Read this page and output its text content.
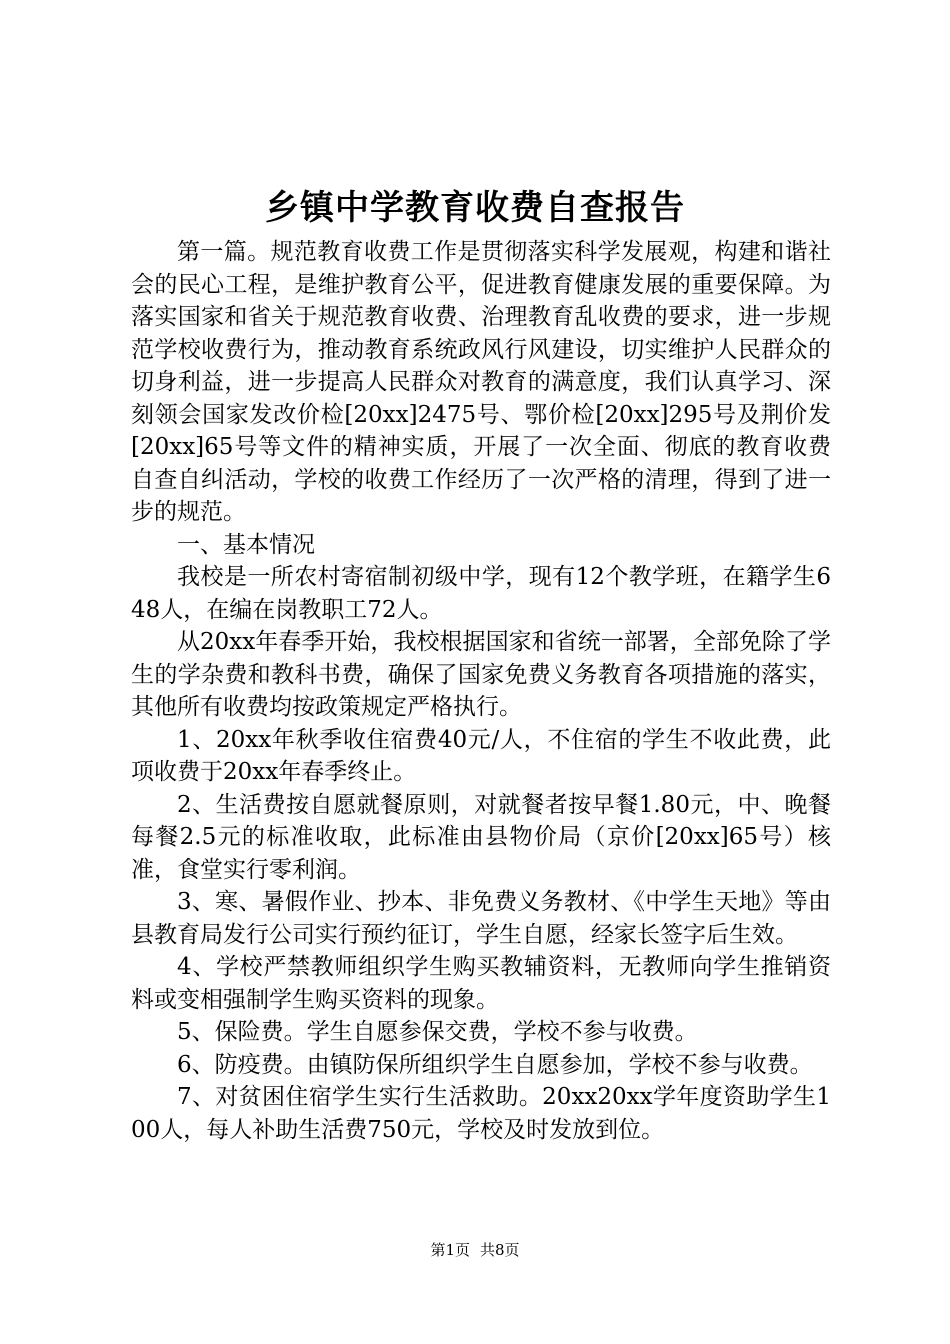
乡镇中学教育收费自查报告

第一篇。规范教育收费工作是贯彻落实科学发展观，构建和谐社会的民心工程，是维护教育公平，促进教育健康发展的重要保障。为落实国家和省关于规范教育收费、治理教育乱收费的要求，进一步规范学校收费行为，推动教育系统政风行风建设，切实维护人民群众的切身利益，进一步提高人民群众对教育的满意度，我们认真学习、深刻领会国家发改价检[20xx]2475号、鄂价检[20xx]295号及荆价发[20xx]65号等文件的精神实质，开展了一次全面、彻底的教育收费自查自纠活动，学校的收费工作经历了一次严格的清理，得到了进一步的规范。

一、基本情况

我校是一所农村寄宿制初级中学，现有12个教学班，在籍学生648人，在编在岗教职工72人。

从20xx年春季开始，我校根据国家和省统一部署，全部免除了学生的学杂费和教科书费，确保了国家免费义务教育各项措施的落实，其他所有收费均按政策规定严格执行。

1、20xx年秋季收住宿费40元/人，不住宿的学生不收此费，此项收费于20xx年春季终止。

2、生活费按自愿就餐原则，对就餐者按早餐1.80元，中、晚餐每餐2.5元的标准收取，此标准由县物价局（京价[20xx]65号）核准，食堂实行零利润。

3、寒、暑假作业、抄本、非免费义务教材、《中学生天地》等由县教育局发行公司实行预约征订，学生自愿，经家长签字后生效。

4、学校严禁教师组织学生购买教辅资料，无教师向学生推销资料或变相强制学生购买资料的现象。

5、保险费。学生自愿参保交费，学校不参与收费。

6、防疫费。由镇防保所组织学生自愿参加，学校不参与收费。

7、对贫困住宿学生实行生活救助。20xx20xx学年度资助学生100人，每人补助生活费750元，学校及时发放到位。

第1页 共8页
